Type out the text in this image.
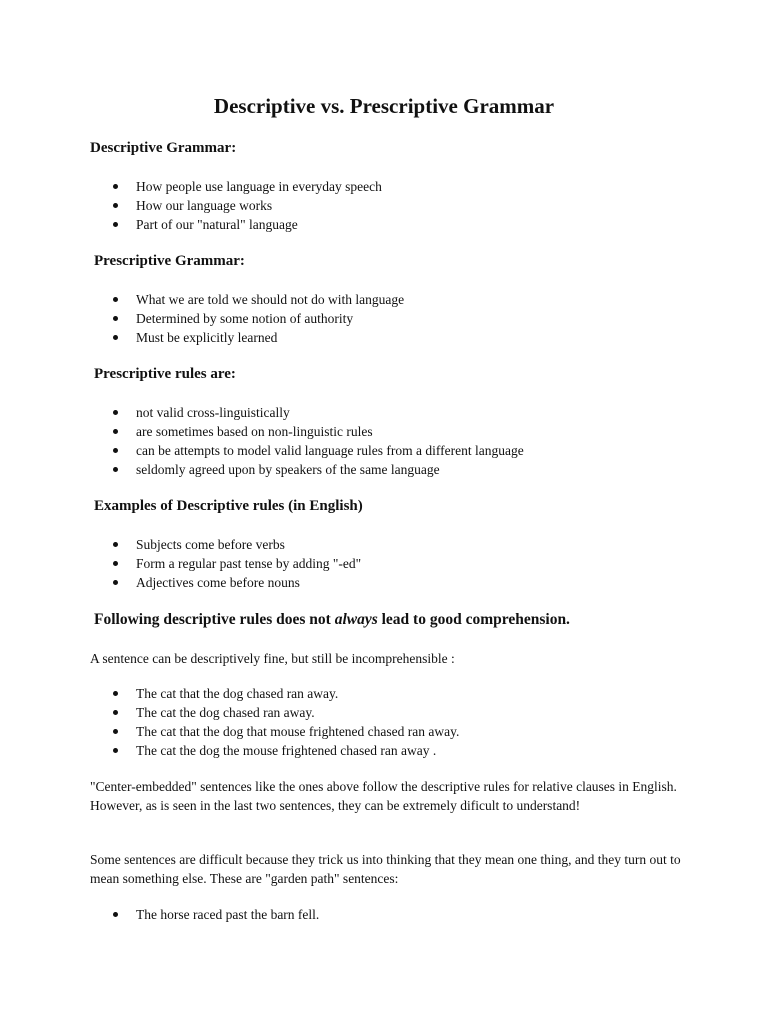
Descriptive vs. Prescriptive Grammar
Descriptive Grammar:
How people use language in everyday speech
How our language works
Part of our "natural" language
Prescriptive Grammar:
What we are told we should not do with language
Determined by some notion of authority
Must be explicitly learned
Prescriptive rules are:
not valid cross-linguistically
are sometimes based on non-linguistic rules
can be attempts to model valid language rules from a different language
seldomly agreed upon by speakers of the same language
Examples of Descriptive rules (in English)
Subjects come before verbs
Form a regular past tense by adding "-ed"
Adjectives come before nouns
Following descriptive rules does not always lead to good comprehension.

A sentence can be descriptively fine, but still be incomprehensible :

The cat that the dog chased ran away.
The cat the dog chased ran away.
The cat that the dog that mouse frightened chased ran away.
The cat the dog the mouse frightened chased ran away .

"Center-embedded" sentences like the ones above follow the descriptive rules for relative clauses in English. However, as is seen in the last two sentences, they can be extremely dificult to understand!

Some sentences are difficult because they trick us into thinking that they mean one thing, and they turn out to mean something else. These are "garden path" sentences:

The horse raced past the barn fell.
